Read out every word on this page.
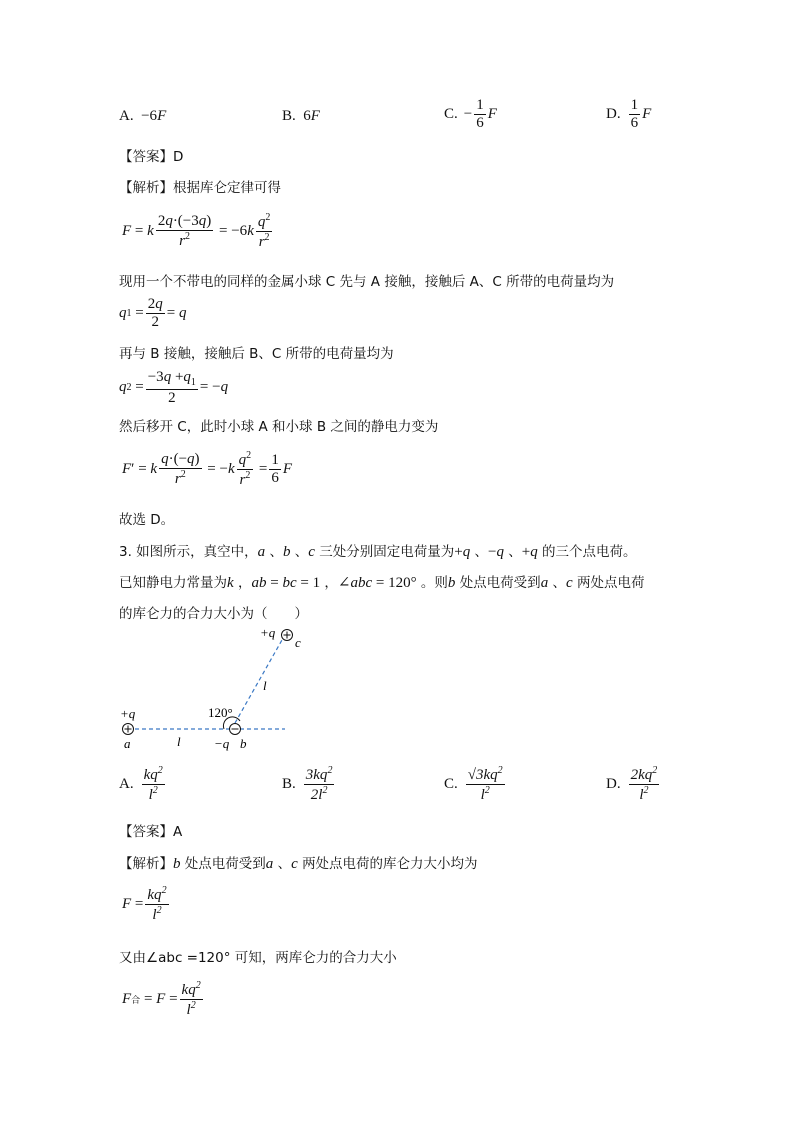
A. −6F	B. 6F	C. − $\frac{1}{6}$ F	D. $\frac{1}{6}$ F
【答案】D
【解析】根据库仑定律可得
F = k $\frac{2q\cdot(-3q)}{r^2} = -6$ k $\frac{q^2}{r^2}$
现用一个不带电的同样的金属小球 C 先与 A 接触，接触后 A、C 所带的电荷量均为
q $1 = \frac{2q}{2} = q$
再与 B 接触，接触后 B、C 所带的电荷量均为
q $2 = \frac{-3q +q_1}{2}$ = − q
然后移开 C，此时小球 A 和小球 B 之间的静电力变为
F ′ = k $\frac{q\cdot(-q)}{r^2}$ = − k $\frac{q^2}{r^2} = \frac{1}{6}$ F
故选 D。
3. 如图所示，真空中，a 、b 、c 三处分别固定电荷量为+q 、−q 、+q 的三个点电荷。
已知静电力常量为k ，ab = bc = 1 ，∠abc = 120° 。则b 处点电荷受到a 、c 两处点电荷
的库仑力的合力大小为（　　）
+q
c
l
+q	120°
a	l	−q b
A. $\frac{kq^2}{l^2}$	B. $\frac{3kq^2}{2l^2}$	C. $\frac{√3kq^2}{l^2}$	D. $\frac{2kq^2}{l^2}$
【答案】A
【解析】b 处点电荷受到a 、c 两处点电荷的库仑力大小均为
$F = \frac{kq^2}{l^2}$
又由∠abc =120° 可知，两库仑力的合力大小
F 合 = $F = \frac{kq^2}{l^2}$
